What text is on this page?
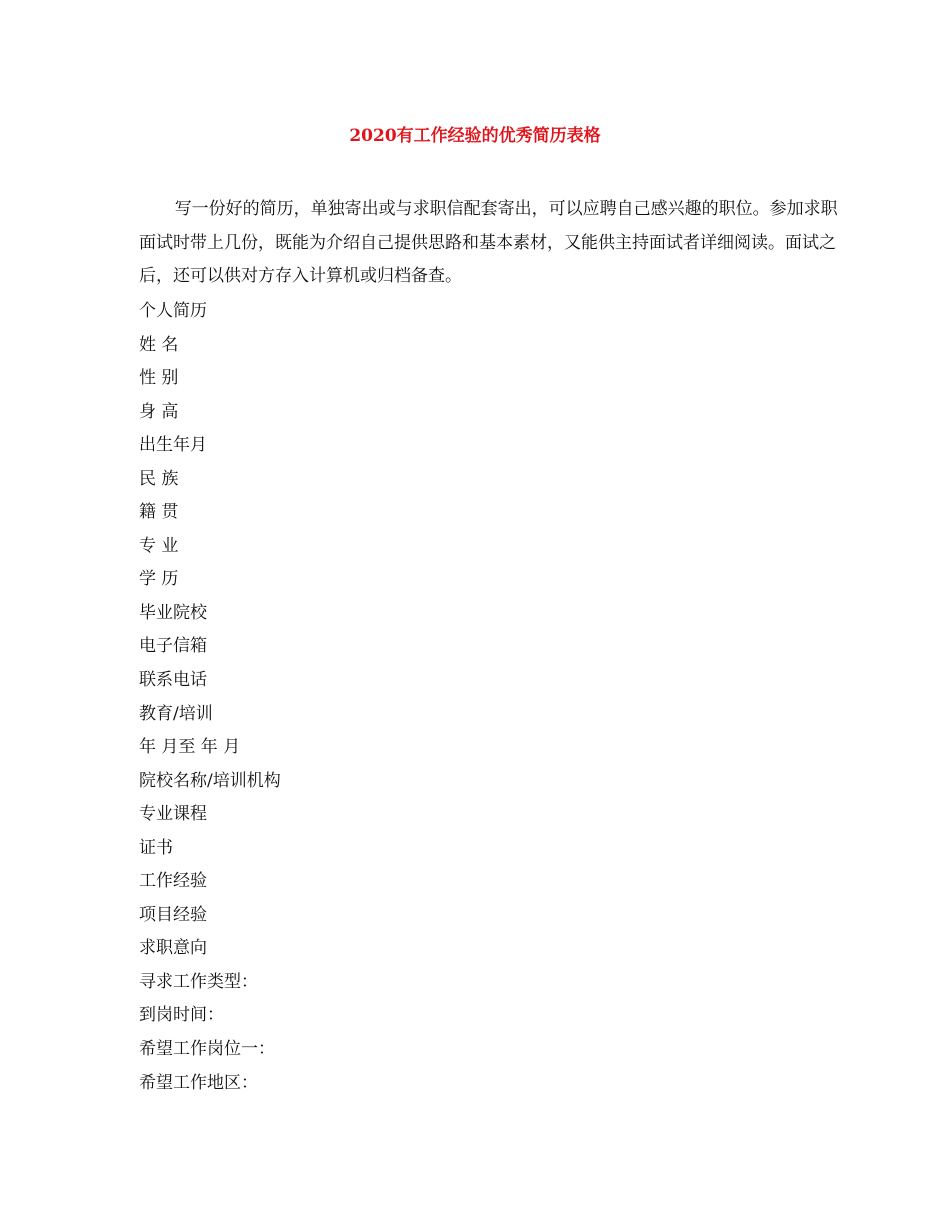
2020有工作经验的优秀简历表格

写一份好的简历，单独寄出或与求职信配套寄出，可以应聘自己感兴趣的职位。参加求职面试时带上几份，既能为介绍自己提供思路和基本素材，又能供主持面试者详细阅读。面试之后，还可以供对方存入计算机或归档备查。

个人简历
姓 名
性 别
身 高
出生年月
民 族
籍 贯
专 业
学 历
毕业院校
电子信箱
联系电话
教育/培训
年 月至 年 月
院校名称/培训机构
专业课程
证书
工作经验
项目经验
求职意向
寻求工作类型：
到岗时间：
希望工作岗位一：
希望工作地区：
